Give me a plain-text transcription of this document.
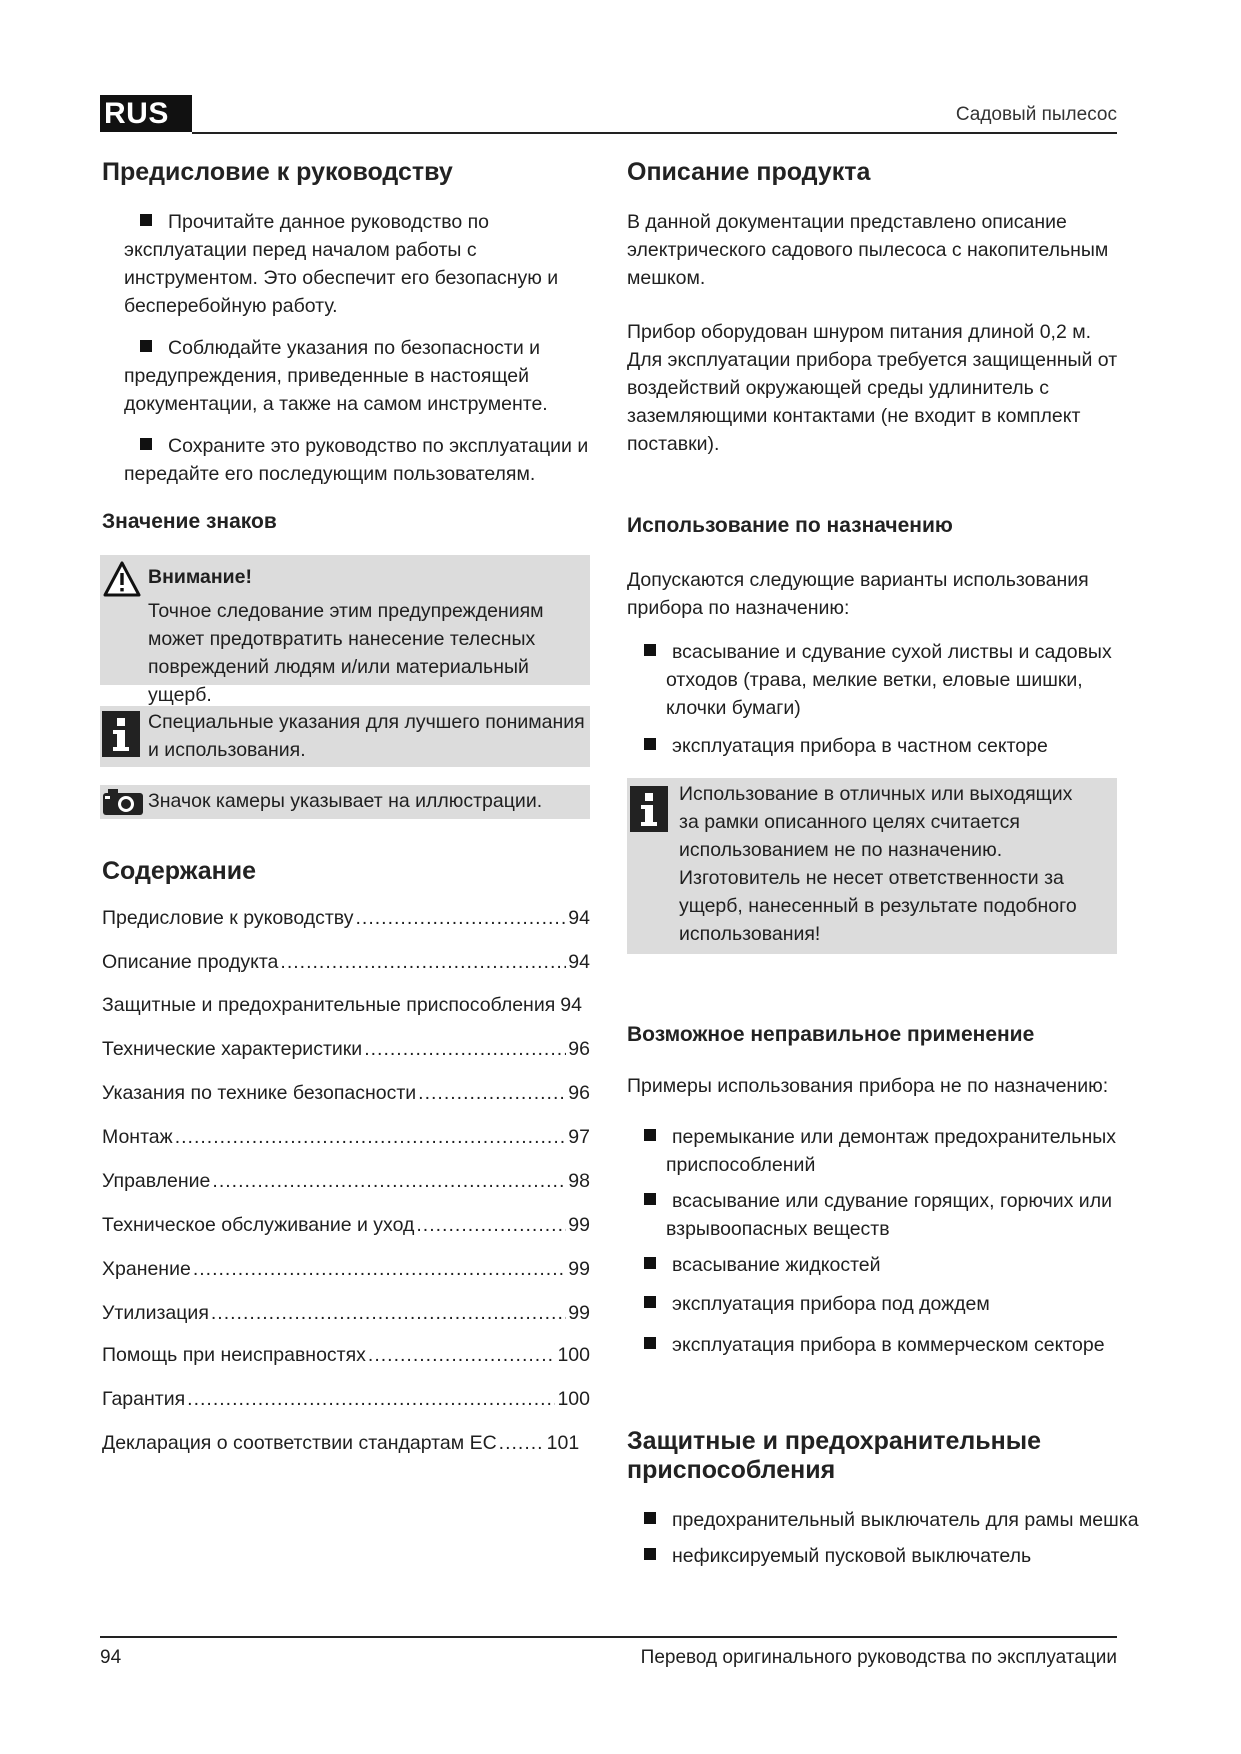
RUS	Садовый пылесос
Предисловие к руководству
Прочитайте данное руководство по эксплуатации перед началом работы с инструментом. Это обеспечит его безопасную и бесперебойную работу.
Соблюдайте указания по безопасности и предупреждения, приведенные в настоящей документации, а также на самом инструменте.
Сохраните это руководство по эксплуатации и передайте его последующим пользователям.
Значение знаков
Внимание!
Точное следование этим предупреждениям может предотвратить нанесение телесных повреждений людям и/или материальный ущерб.
Специальные указания для лучшего понимания и использования.
Значок камеры указывает на иллюстрации.
Содержание
Предисловие к руководству .....	94
Описание продукта .....	94
Защитные и предохранительные приспособления 94
Технические характеристики .....	96
Указания по технике безопасности .....	96
Монтаж .....	97
Управление .....	98
Техническое обслуживание и уход .....	99
Хранение .....	99
Утилизация .....	99
Помощь при неисправностях .....	100
Гарантия .....	100
Декларация о соответствии стандартам ЕС .....	101
Описание продукта

В данной документации представлено описание электрического садового пылесоса с накопительным мешком.

Прибор оборудован шнуром питания длиной 0,2 м. Для эксплуатации прибора требуется защищенный от воздействий окружающей среды удлинитель с заземляющими контактами (не входит в комплект поставки).

Использование по назначению

Допускаются следующие варианты использования прибора по назначению:

всасывание и сдувание сухой листвы и садовых отходов (трава, мелкие ветки, еловые шишки, клочки бумаги)
эксплуатация прибора в частном секторе
Использование в отличных или выходящих за рамки описанного целях считается использованием не по назначению. Изготовитель не несет ответственности за ущерб, нанесенный в результате подобного использования!
Возможное неправильное применение

Примеры использования прибора не по назначению:

перемыкание или демонтаж предохранительных приспособлений
всасывание или сдувание горящих, горючих или взрывоопасных веществ
всасывание жидкостей
эксплуатация прибора под дождем
эксплуатация прибора в коммерческом секторе
Защитные и предохранительные приспособления
предохранительный выключатель для рамы мешка
нефиксируемый пусковой выключатель
94	Перевод оригинального руководства по эксплуатации
